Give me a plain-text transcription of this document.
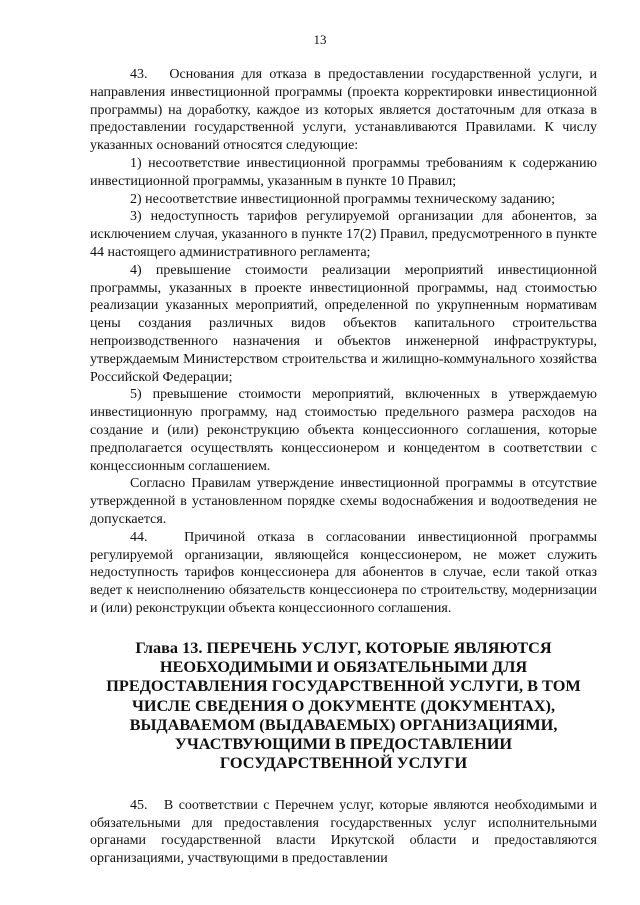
13

43.   Основания для отказа в предоставлении государственной услуги, и направления инвестиционной программы (проекта корректировки инвестиционной программы) на доработку, каждое из которых является достаточным для отказа в предоставлении государственной услуги, устанавливаются Правилами. К числу указанных оснований относятся следующие:

1) несоответствие инвестиционной программы требованиям к содержанию инвестиционной программы, указанным в пункте 10 Правил;

2) несоответствие инвестиционной программы техническому заданию;

3) недоступность тарифов регулируемой организации для абонентов, за исключением случая, указанного в пункте 17(2) Правил, предусмотренного в пункте 44 настоящего административного регламента;

4) превышение стоимости реализации мероприятий инвестиционной программы, указанных в проекте инвестиционной программы, над стоимостью реализации указанных мероприятий, определенной по укрупненным нормативам цены создания различных видов объектов капитального строительства непроизводственного назначения и объектов инженерной инфраструктуры, утверждаемым Министерством строительства и жилищно-коммунального хозяйства Российской Федерации;

5) превышение стоимости мероприятий, включенных в утверждаемую инвестиционную программу, над стоимостью предельного размера расходов на создание и (или) реконструкцию объекта концессионного соглашения, которые предполагается осуществлять концессионером и концедентом в соответствии с концессионным соглашением.

Согласно Правилам утверждение инвестиционной программы в отсутствие утвержденной в установленном порядке схемы водоснабжения и водоотведения не допускается.

44.   Причиной отказа в согласовании инвестиционной программы регулируемой организации, являющейся концессионером, не может служить недоступность тарифов концессионера для абонентов в случае, если такой отказ ведет к неисполнению обязательств концессионера по строительству, модернизации и (или) реконструкции объекта концессионного соглашения.

Глава 13. ПЕРЕЧЕНЬ УСЛУГ, КОТОРЫЕ ЯВЛЯЮТСЯ НЕОБХОДИМЫМИ И ОБЯЗАТЕЛЬНЫМИ ДЛЯ ПРЕДОСТАВЛЕНИЯ ГОСУДАРСТВЕННОЙ УСЛУГИ, В ТОМ ЧИСЛЕ СВЕДЕНИЯ О ДОКУМЕНТЕ (ДОКУМЕНТАХ), ВЫДАВАЕМОМ (ВЫДАВАЕМЫХ) ОРГАНИЗАЦИЯМИ, УЧАСТВУЮЩИМИ В ПРЕДОСТАВЛЕНИИ ГОСУДАРСТВЕННОЙ УСЛУГИ

45.   В соответствии с Перечнем услуг, которые являются необходимыми и обязательными для предоставления государственных услуг исполнительными органами государственной власти Иркутской области и предоставляются организациями, участвующими в предоставлении
